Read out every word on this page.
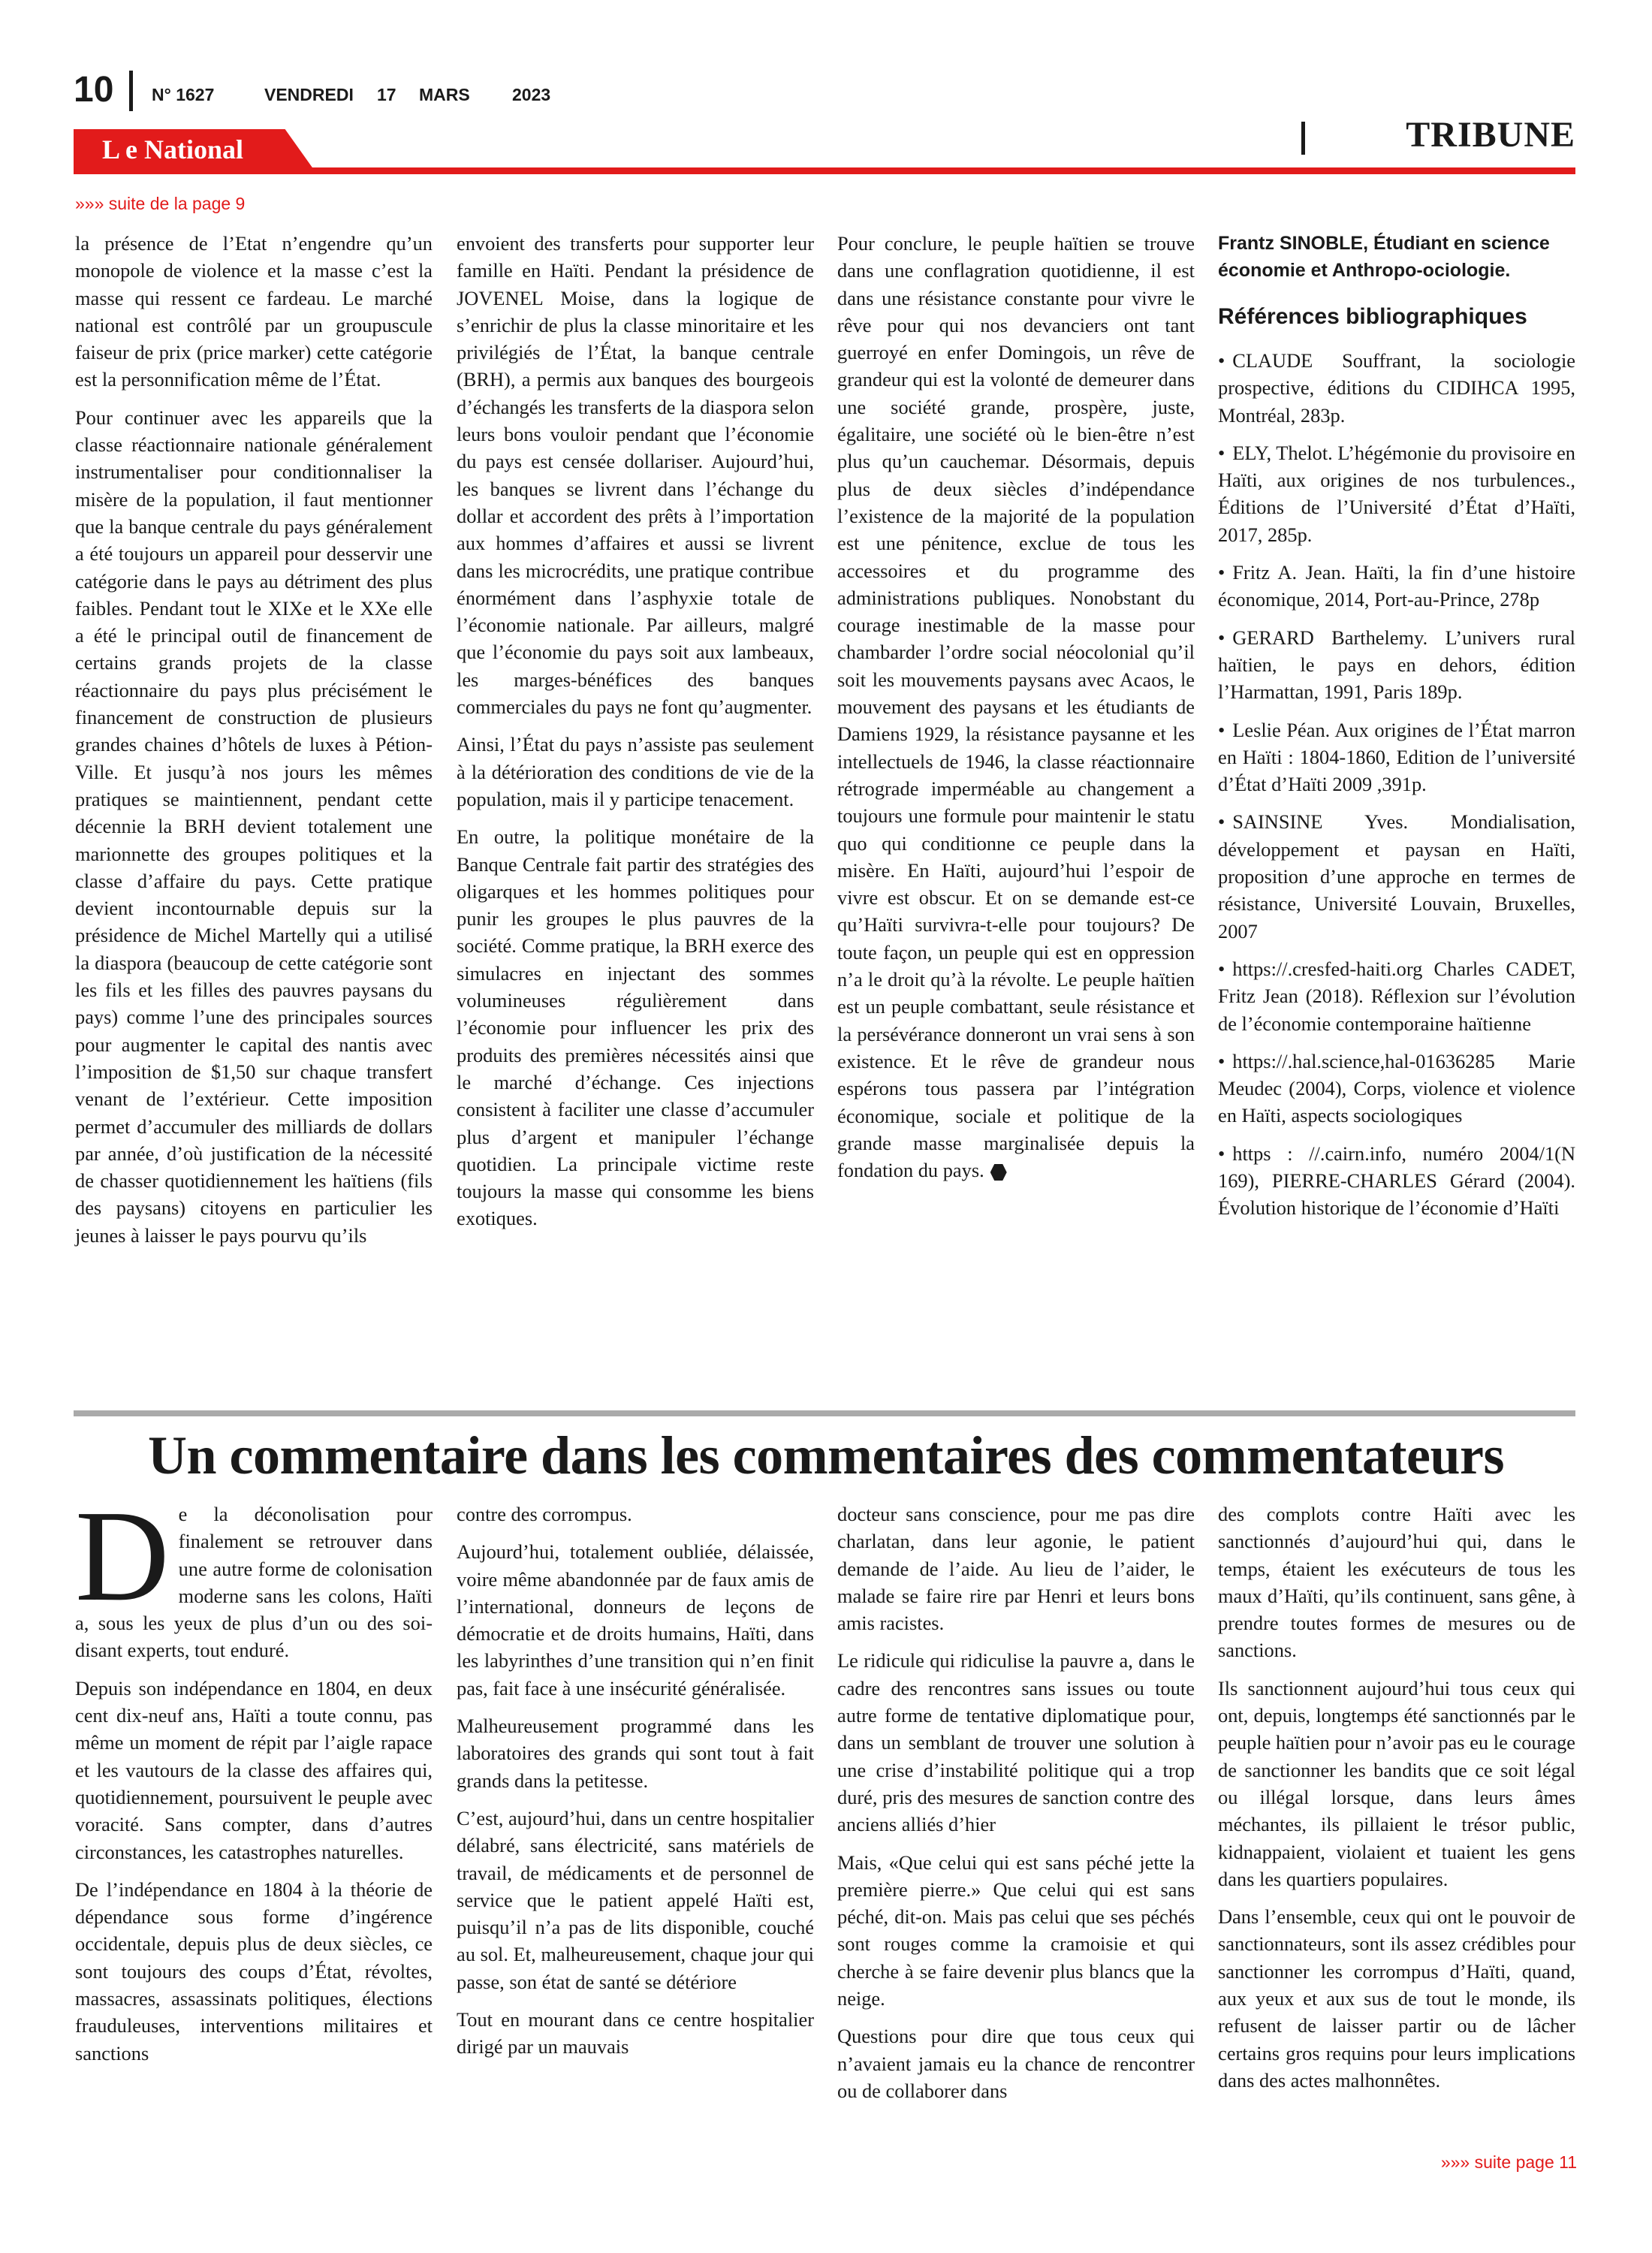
10 N° 1627	VENDREDI 17 MARS 2023
L e National	TRIBUNE
»»» suite de la page 9

la présence de l’Etat n’engendre qu’un monopole de violence et la masse c’est la masse qui ressent ce fardeau. Le marché national est contrôlé par un groupuscule faiseur de prix (price marker) cette catégorie est la personnification même de l’État.

Pour continuer avec les appareils que la classe réactionnaire nationale généralement instrumentaliser pour conditionnaliser la misère de la population, il faut mentionner que la banque centrale du pays généralement a été toujours un appareil pour desservir une catégorie dans le pays au détriment des plus faibles. Pendant tout le XIXe et le XXe elle a été le principal outil de financement de certains grands projets de la classe réactionnaire du pays plus précisément le financement de construction de plusieurs grandes chaines d’hôtels de luxes à Pétion-Ville. Et jusqu’à nos jours les mêmes pratiques se maintiennent, pendant cette décennie la BRH devient totalement une marionnette des groupes politiques et la classe d’affaire du pays. Cette pratique devient incontournable depuis sur la présidence de Michel Martelly qui a utilisé la diaspora (beaucoup de cette catégorie sont les fils et les filles des pauvres paysans du pays) comme l’une des principales sources pour augmenter le capital des nantis avec l’imposition de $1,50 sur chaque transfert venant de l’extérieur. Cette imposition permet d’accumuler des milliards de dollars par année, d’où justification de la nécessité de chasser quotidiennement les haïtiens (fils des paysans) citoyens en particulier les jeunes à laisser le pays pourvu qu’ils

envoient des transferts pour supporter leur famille en Haïti. Pendant la présidence de JOVENEL Moise, dans la logique de s’enrichir de plus la classe minoritaire et les privilégiés de l’État, la banque centrale (BRH), a permis aux banques des bourgeois d’échangés les transferts de la diaspora selon leurs bons vouloir pendant que l’économie du pays est censée dollariser. Aujourd’hui, les banques se livrent dans l’échange du dollar et accordent des prêts à l’importation aux hommes d’affaires et aussi se livrent dans les microcrédits, une pratique contribue énormément dans l’asphyxie totale de l’économie nationale. Par ailleurs, malgré que l’économie du pays soit aux lambeaux, les marges-bénéfices des banques commerciales du pays ne font qu’augmenter.

Ainsi, l’État du pays n’assiste pas seulement à la détérioration des conditions de vie de la population, mais il y participe tenacement.

En outre, la politique monétaire de la Banque Centrale fait partir des stratégies des oligarques et les hommes politiques pour punir les groupes le plus pauvres de la société. Comme pratique, la BRH exerce des simulacres en injectant des sommes volumineuses régulièrement dans l’économie pour influencer les prix des produits des premières nécessités ainsi que le marché d’échange. Ces injections consistent à faciliter une classe d’accumuler plus d’argent et manipuler l’échange quotidien. La principale victime reste toujours la masse qui consomme les biens exotiques.

Pour conclure, le peuple haïtien se trouve dans une conflagration quotidienne, il est dans une résistance constante pour vivre le rêve pour qui nos devanciers ont tant guerroyé en enfer Domingois, un rêve de grandeur qui est la volonté de demeurer dans une société grande, prospère, juste, égalitaire, une société où le bien-être n’est plus qu’un cauchemar. Désormais, depuis plus de deux siècles d’indépendance l’existence de la majorité de la population est une pénitence, exclue de tous les accessoires et du programme des administrations publiques. Nonobstant du courage inestimable de la masse pour chambarder l’ordre social néocolonial qu’il soit les mouvements paysans avec Acaos, le mouvement des paysans et les étudiants de Damiens 1929, la résistance paysanne et les intellectuels de 1946, la classe réactionnaire rétrograde imperméable au changement a toujours une formule pour maintenir le statu quo qui conditionne ce peuple dans la misère. En Haïti, aujourd’hui l’espoir de vivre est obscur. Et on se demande est-ce qu’Haïti survivra-t-elle pour toujours? De toute façon, un peuple qui est en oppression n’a le droit qu’à la révolte. Le peuple haïtien est un peuple combattant, seule résistance et la persévérance donneront un vrai sens à son existence. Et le rêve de grandeur nous espérons tous passera par l’intégration économique, sociale et politique de la grande masse marginalisée depuis la fondation du pays.

Frantz SINOBLE, Étudiant en science économie et Anthropo-ociologie.
Références bibliographiques
• CLAUDE Souffrant, la sociologie prospective, éditions du CIDIHCA 1995, Montréal, 283p.
• ELY, Thelot. L’hégémonie du provisoire en Haïti, aux origines de nos turbulences., Éditions de l’Université d’État d’Haïti, 2017, 285p.
• Fritz A. Jean. Haïti, la fin d’une histoire économique, 2014, Port-au-Prince, 278p
• GERARD Barthelemy. L’univers rural haïtien, le pays en dehors, édition l’Harmattan, 1991, Paris 189p.
• Leslie Péan. Aux origines de l’État marron en Haïti : 1804-1860, Edition de l’université d’État d’Haïti 2009 ,391p.
• SAINSINE Yves. Mondialisation, développement et paysan en Haïti, proposition d’une approche en termes de résistance, Université Louvain, Bruxelles, 2007
• https://.cresfed-haiti.org Charles CADET, Fritz Jean (2018). Réflexion sur l’évolution de l’économie contemporaine haïtienne
• https://.hal.science,hal-01636285 Marie Meudec (2004), Corps, violence et violence en Haïti, aspects sociologiques
• https : //.cairn.info, numéro 2004/1(N 169), PIERRE-CHARLES Gérard (2004). Évolution historique de l’économie d’Haïti
Un commentaire dans les commentaires des commentateurs

De la déconolisation pour finalement se retrouver dans une autre forme de colonisation moderne sans les colons, Haïti a, sous les yeux de plus d’un ou des soi-disant experts, tout enduré.

Depuis son indépendance en 1804, en deux cent dix-neuf ans, Haïti a toute connu, pas même un moment de répit par l’aigle rapace et les vautours de la classe des affaires qui, quotidiennement, poursuivent le peuple avec voracité. Sans compter, dans d’autres circonstances, les catastrophes naturelles.

De l’indépendance en 1804 à la théorie de dépendance sous forme d’ingérence occidentale, depuis plus de deux siècles, ce sont toujours des coups d’État, révoltes, massacres, assassinats politiques, élections frauduleuses, interventions militaires et sanctions

contre des corrompus.

Aujourd’hui, totalement oubliée, délaissée, voire même abandonnée par de faux amis de l’international, donneurs de leçons de démocratie et de droits humains, Haïti, dans les labyrinthes d’une transition qui n’en finit pas, fait face à une insécurité généralisée.

Malheureusement programmé dans les laboratoires des grands qui sont tout à fait grands dans la petitesse.

C’est, aujourd’hui, dans un centre hospitalier délabré, sans électricité, sans matériels de travail, de médicaments et de personnel de service que le patient appelé Haïti est, puisqu’il n’a pas de lits disponible, couché au sol. Et, malheureusement, chaque jour qui passe, son état de santé se détériore

Tout en mourant dans ce centre hospitalier dirigé par un mauvais

docteur sans conscience, pour me pas dire charlatan, dans leur agonie, le patient demande de l’aide. Au lieu de l’aider, le malade se faire rire par Henri et leurs bons amis racistes.

Le ridicule qui ridiculise la pauvre a, dans le cadre des rencontres sans issues ou toute autre forme de tentative diplomatique pour, dans un semblant de trouver une solution à une crise d’instabilité politique qui a trop duré, pris des mesures de sanction contre des anciens alliés d’hier

Mais, «Que celui qui est sans péché jette la première pierre.» Que celui qui est sans péché, dit-on. Mais pas celui que ses péchés sont rouges comme la cramoisie et qui cherche à se faire devenir plus blancs que la neige.

Questions pour dire que tous ceux qui n’avaient jamais eu la chance de rencontrer ou de collaborer dans

des complots contre Haïti avec les sanctionnés d’aujourd’hui qui, dans le temps, étaient les exécuteurs de tous les maux d’Haïti, qu’ils continuent, sans gêne, à prendre toutes formes de mesures ou de sanctions.

Ils sanctionnent aujourd’hui tous ceux qui ont, depuis, longtemps été sanctionnés par le peuple haïtien pour n’avoir pas eu le courage de sanctionner les bandits que ce soit légal ou illégal lorsque, dans leurs âmes méchantes, ils pillaient le trésor public, kidnappaient, violaient et tuaient les gens dans les quartiers populaires.

Dans l’ensemble, ceux qui ont le pouvoir de sanctionnateurs, sont ils assez crédibles pour sanctionner les corrompus d’Haïti, quand, aux yeux et aux sus de tout le monde, ils refusent de laisser partir ou de lâcher certains gros requins pour leurs implications dans des actes malhonnêtes.

»»» suite page 11
